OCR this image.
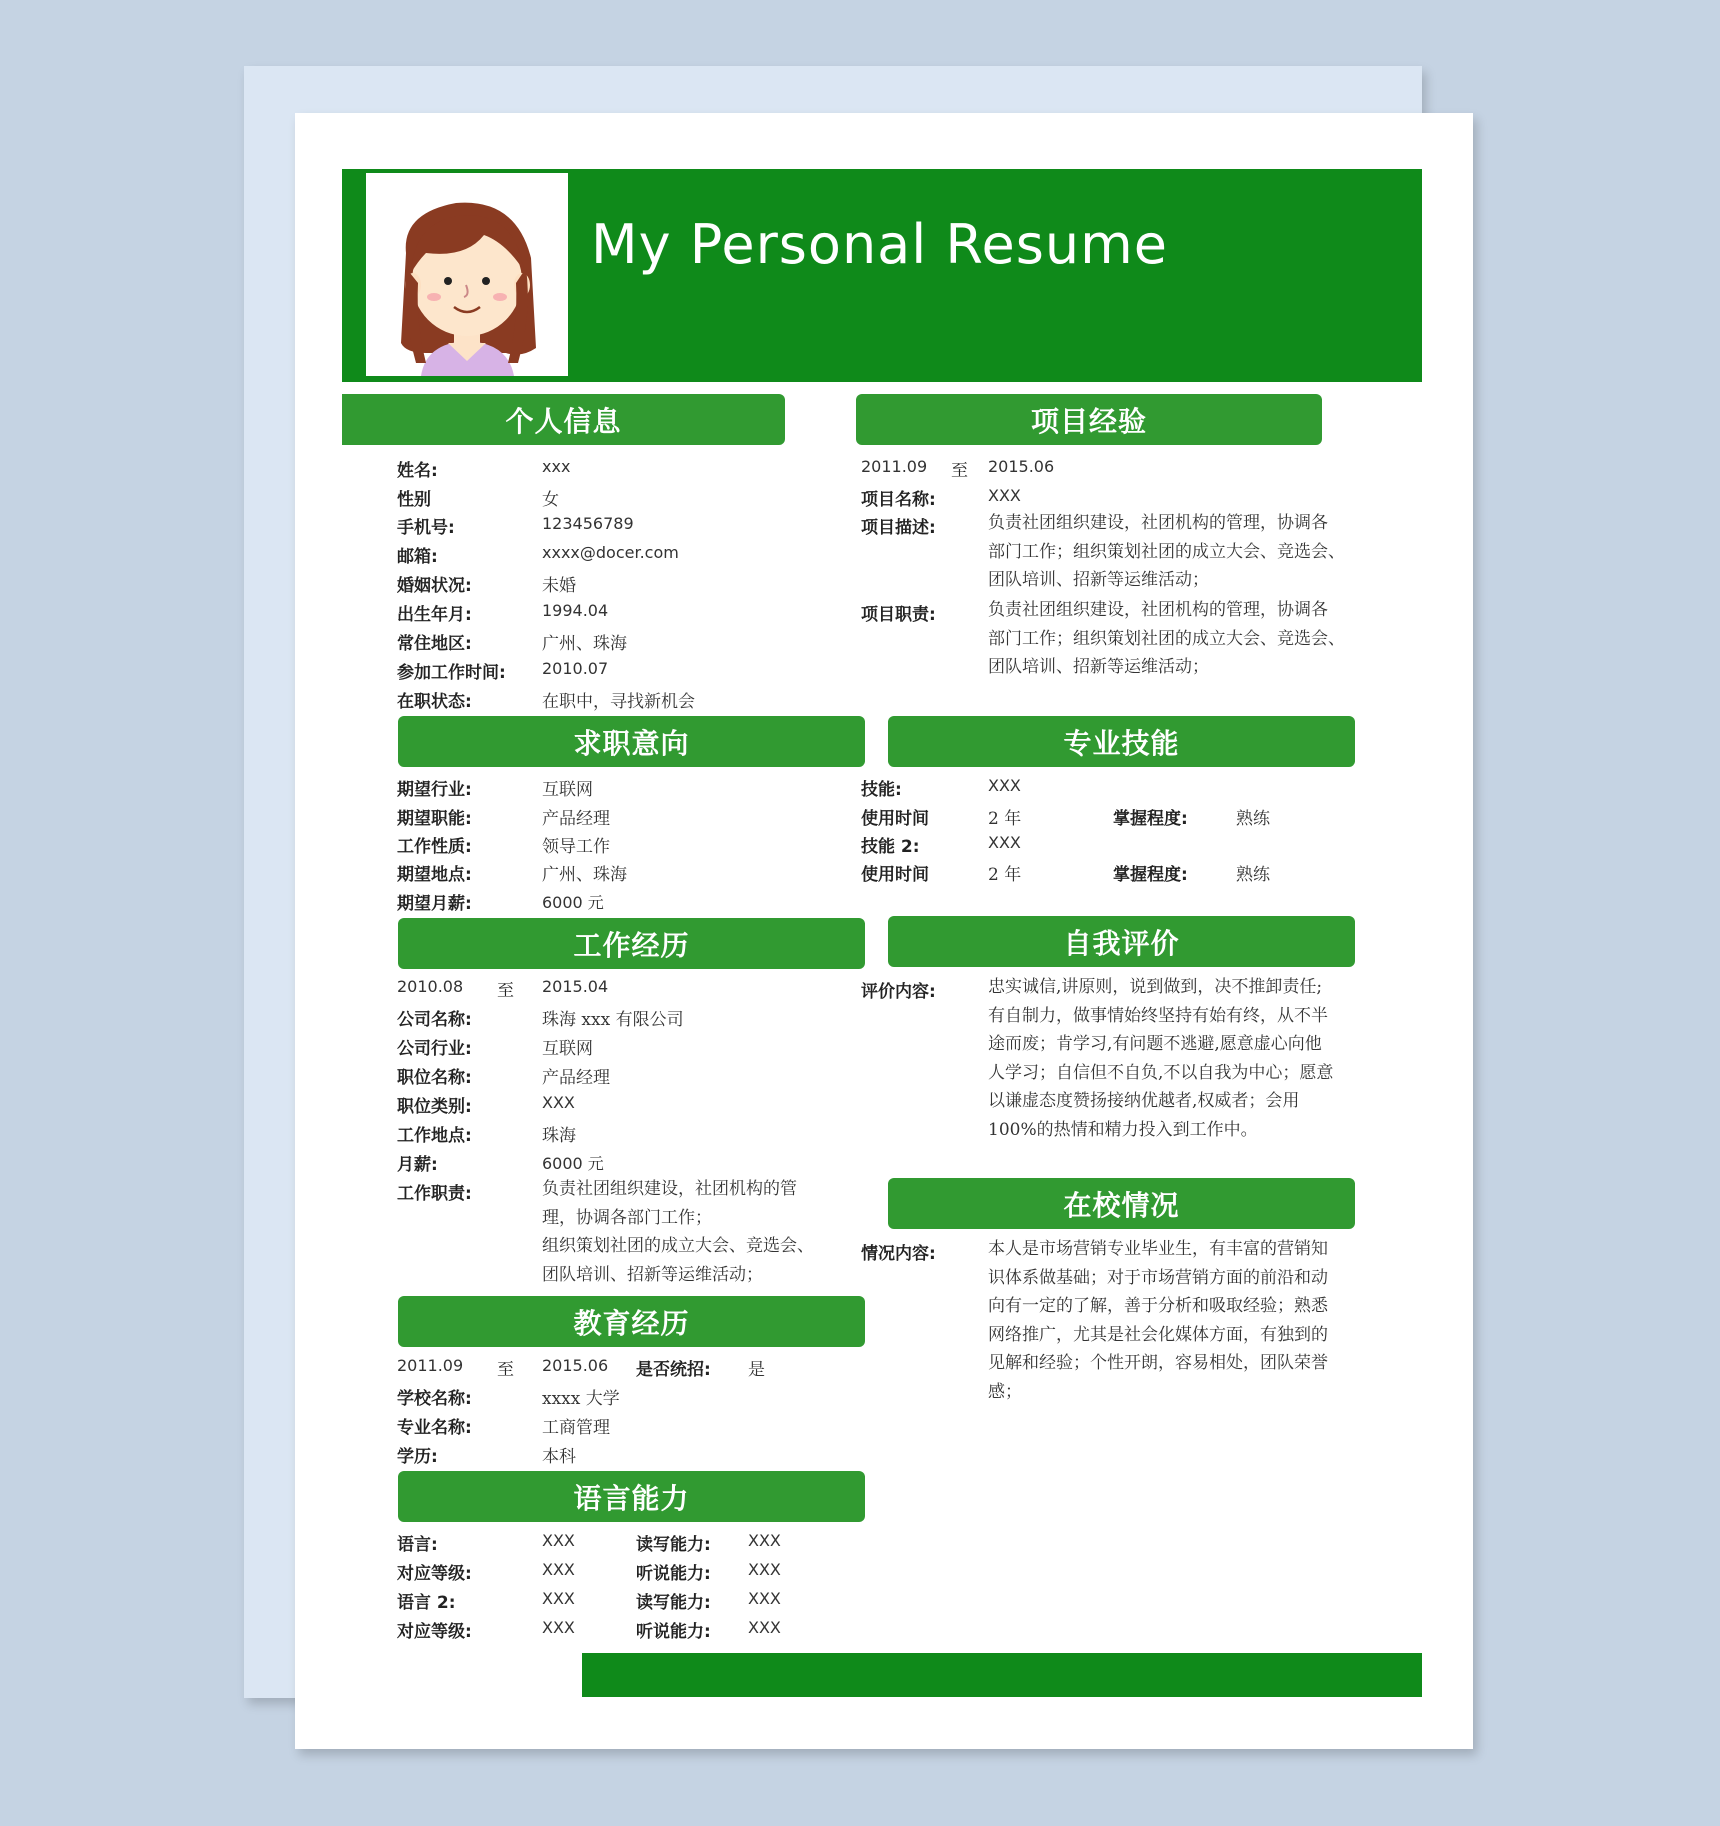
My Personal Resume
个人信息	项目经验
求职意向	专业技能
工作经历	自我评价
在校情况
教育经历
语言能力
姓名:	xxx
性别	女
手机号:	123456789
邮箱:	xxxx@docer.com
婚姻状况:	未婚
出生年月:	1994.04
常住地区:	广州、珠海
参加工作时间: 2010.07
在职状态:	在职中，寻找新机会
2011.09 至 2015.06
项目名称:	XXX
项目描述:	负责社团组织建设，社团机构的管理，协调各
部门工作；组织策划社团的成立大会、竞选会、
团队培训、招新等运维活动；
项目职责:	负责社团组织建设，社团机构的管理，协调各
部门工作；组织策划社团的成立大会、竞选会、
团队培训、招新等运维活动；
期望行业:	互联网
期望职能:	产品经理
工作性质:	领导工作
期望地点:	广州、珠海
期望月薪:	6000 元
技能:	XXX
使用时间	2 年	掌握程度:	熟练
技能 2:	XXX
使用时间	2 年	掌握程度:	熟练
2010.08 至 2015.04
公司名称:	珠海 xxx 有限公司
公司行业:	互联网
职位名称:	产品经理
职位类别:	XXX
工作地点:	珠海
月薪:	6000 元
工作职责:	负责社团组织建设，社团机构的管
理，协调各部门工作；
组织策划社团的成立大会、竞选会、
团队培训、招新等运维活动；
评价内容:	忠实诚信,讲原则，说到做到，决不推卸责任;
有自制力，做事情始终坚持有始有终，从不半
途而废；肯学习,有问题不逃避,愿意虚心向他
人学习；自信但不自负,不以自我为中心；愿意
以谦虚态度赞扬接纳优越者,权威者；会用
100%的热情和精力投入到工作中。
情况内容:	本人是市场营销专业毕业生，有丰富的营销知
识体系做基础；对于市场营销方面的前沿和动
向有一定的了解，善于分析和吸取经验；熟悉
网络推广，尤其是社会化媒体方面，有独到的
见解和经验；个性开朗，容易相处，团队荣誉
感；
2011.09 至 2015.06 是否统招: 是
学校名称:	xxxx 大学
专业名称:	工商管理
学历:	本科
语言:	XXX	读写能力: XXX
对应等级:	XXX	听说能力: XXX
语言 2:	XXX	读写能力: XXX
对应等级:	XXX	听说能力: XXX
